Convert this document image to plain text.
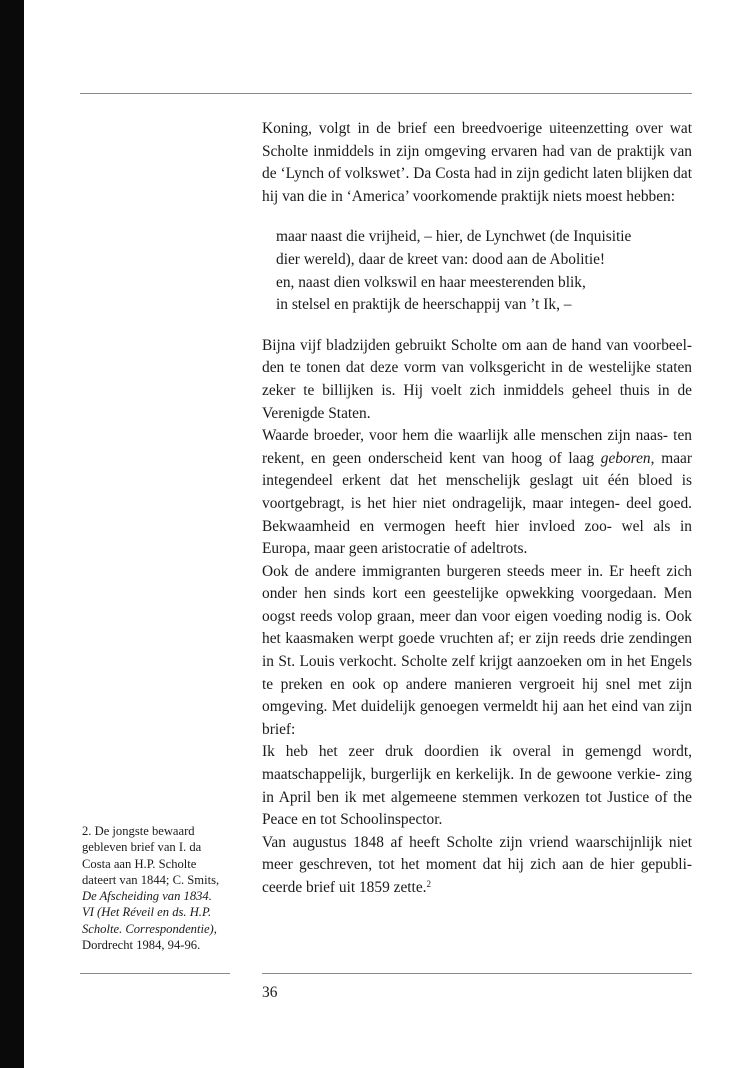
Koning, volgt in de brief een breedvoerige uiteenzetting over wat Scholte inmiddels in zijn omgeving ervaren had van de praktijk van de ‘Lynch of volkswet’. Da Costa had in zijn gedicht laten blijken dat hij van die in ‘America’ voorkomende praktijk niets moest hebben:

maar naast die vrijheid, – hier, de Lynchwet (de Inquisitie
dier wereld), daar de kreet van: dood aan de Abolitie!
en, naast dien volkswil en haar meesterenden blik,
in stelsel en praktijk de heerschappij van ’t Ik, –

Bijna vijf bladzijden gebruikt Scholte om aan de hand van voorbeel- den te tonen dat deze vorm van volksgericht in de westelijke staten zeker te billijken is. Hij voelt zich inmiddels geheel thuis in de Verenigde Staten.

Waarde broeder, voor hem die waarlijk alle menschen zijn naas- ten rekent, en geen onderscheid kent van hoog of laag geboren, maar integendeel erkent dat het menschelijk geslagt uit één bloed is voortgebragt, is het hier niet ondragelijk, maar integen- deel goed. Bekwaamheid en vermogen heeft hier invloed zoo- wel als in Europa, maar geen aristocratie of adeltrots.

Ook de andere immigranten burgeren steeds meer in. Er heeft zich onder hen sinds kort een geestelijke opwekking voorgedaan. Men oogst reeds volop graan, meer dan voor eigen voeding nodig is. Ook het kaasmaken werpt goede vruchten af; er zijn reeds drie zendingen in St. Louis verkocht. Scholte zelf krijgt aanzoeken om in het Engels te preken en ook op andere manieren vergroeit hij snel met zijn omgeving. Met duidelijk genoegen vermeldt hij aan het eind van zijn brief:

Ik heb het zeer druk doordien ik overal in gemengd wordt, maatschappelijk, burgerlijk en kerkelijk. In de gewoone verkie- zing in April ben ik met algemeene stemmen verkozen tot Justice of the Peace en tot Schoolinspector.

Van augustus 1848 af heeft Scholte zijn vriend waarschijnlijk niet meer geschreven, tot het moment dat hij zich aan de hier gepubli- ceerde brief uit 1859 zette.$^2$

2. De jongste bewaard
gebleven brief van I. da
Costa aan H.P. Scholte
dateert van 1844; C. Smits,
De Afscheiding van 1834.
VI (Het Réveil en ds. H.P.
Scholte. Correspondentie),
Dordrecht 1984, 94-96.
36
